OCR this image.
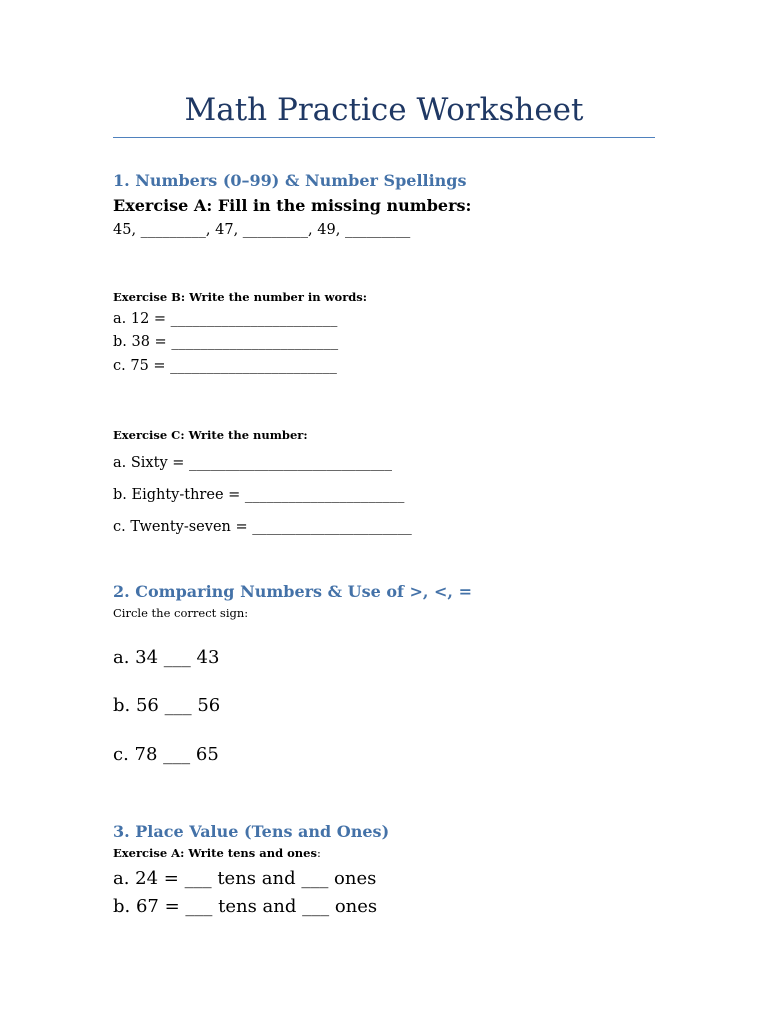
Math Practice Worksheet
1. Numbers (0–99) & Number Spellings
Exercise A: Fill in the missing numbers:
45, _________, 47, _________, 49, _________
Exercise B: Write the number in words:
a. 12 = _______________________
b. 38 = _______________________
c. 75 = _______________________
Exercise C: Write the number:
a. Sixty = ____________________________
b. Eighty-three = ______________________
c. Twenty-seven = ______________________
2. Comparing Numbers & Use of >, <, =
Circle the correct sign:
a. 34 ___ 43
b. 56 ___ 56
c. 78 ___ 65
3. Place Value (Tens and Ones)
Exercise A: Write tens and ones:
a. 24 = ___ tens and ___ ones
b. 67 = ___ tens and ___ ones
